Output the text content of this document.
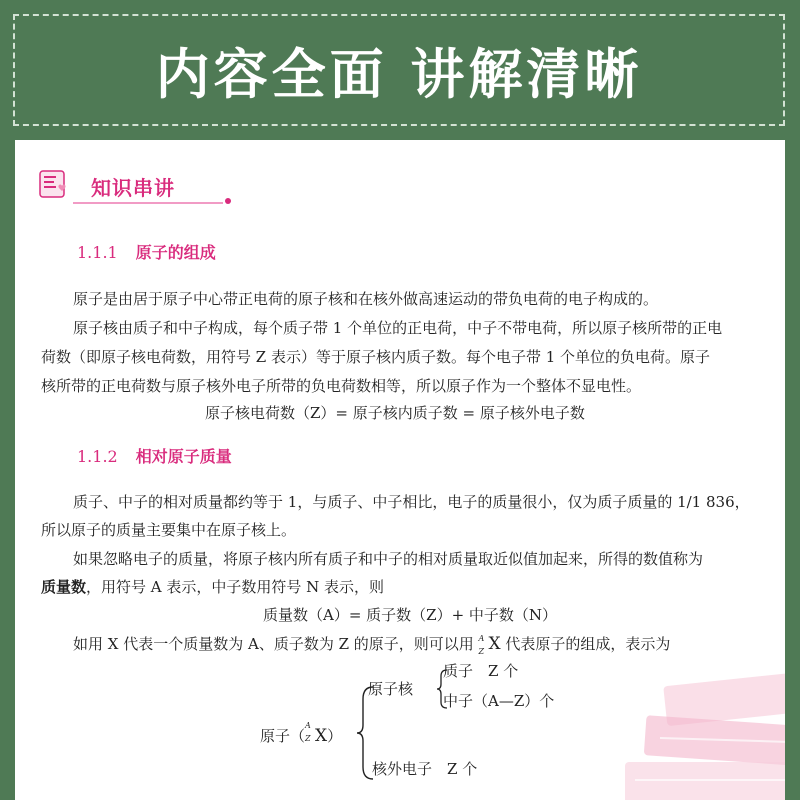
内容全面 讲解清晰
知识串讲
1.1.1 原子的组成
原子是由居于原子中心带正电荷的原子核和在核外做高速运动的带负电荷的电子构成的。
原子核由质子和中子构成，每个质子带 1 个单位的正电荷，中子不带电荷，所以原子核所带的正电
荷数（即原子核电荷数，用符号 Z 表示）等于原子核内质子数。每个电子带 1 个单位的负电荷。原子
核所带的正电荷数与原子核外电子所带的负电荷数相等，所以原子作为一个整体不显电性。
原子核电荷数（Z）= 原子核内质子数 = 原子核外电子数
1.1.2 相对原子质量
质子、中子的相对质量都约等于 1，与质子、中子相比，电子的质量很小，仅为质子质量的 1/1 836，
所以原子的质量主要集中在原子核上。
如果忽略电子的质量，将原子核内所有质子和中子的相对质量取近似值加起来，所得的数值称为
质量数，用符号 A 表示，中子数用符号 N 表示，则
质量数（A）= 质子数（Z）+ 中子数（N）
如用 X 代表一个质量数为 A、质子数为 Z 的原子，则可以用 A
Z X 代表原子的组成，表示为
原子（
A
Z X）
原子核
质子　Z 个
中子（A—Z）个
核外电子　Z 个
